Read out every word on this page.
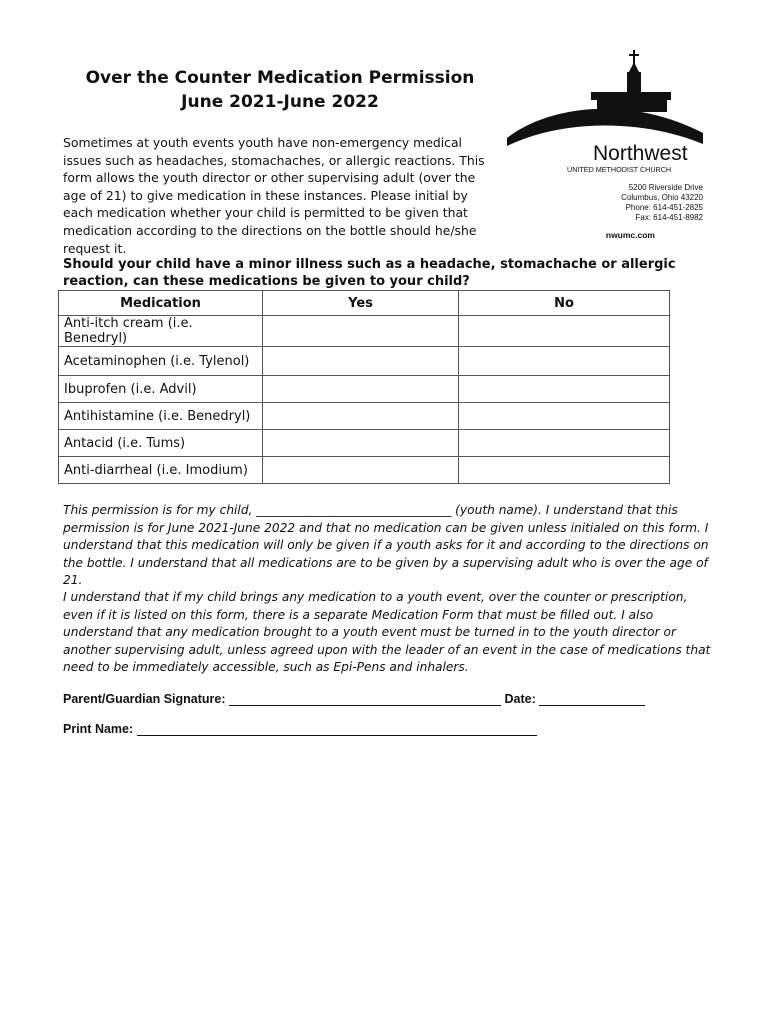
Over the Counter Medication Permission
June 2021-June 2022
Sometimes at youth events youth have non-emergency medical issues such as headaches, stomachaches, or allergic reactions. This form allows the youth director or other supervising adult (over the age of 21) to give medication in these instances. Please initial by each medication whether your child is permitted to be given that medication according to the directions on the bottle should he/she request it.
Northwest
UNITED METHODIST CHURCH
5200 Riverside Drive
Columbus, Ohio 43220
Phone: 614-451-2825
Fax: 614-451-8982
nwumc.com
Should your child have a minor illness such as a headache, stomachache or allergic reaction, can these medications be given to your child?
Medication	Yes	No
Anti-itch cream (i.e. Benedryl)		
Acetaminophen (i.e. Tylenol)		
Ibuprofen (i.e. Advil)		
Antihistamine (i.e. Benedryl)		
Antacid (i.e. Tums)		
Anti-diarrheal (i.e. Imodium)		
This permission is for my child, ________________________________ (youth name). I understand that this permission is for June 2021-June 2022 and that no medication can be given unless initialed on this form. I understand that this medication will only be given if a youth asks for it and according to the directions on the bottle. I understand that all medications are to be given by a supervising adult who is over the age of 21.
I understand that if my child brings any medication to a youth event, over the counter or prescription, even if it is listed on this form, there is a separate Medication Form that must be filled out. I also understand that any medication brought to a youth event must be turned in to the youth director or another supervising adult, unless agreed upon with the leader of an event in the case of medications that need to be immediately accessible, such as Epi-Pens and inhalers.
Parent/Guardian Signature:	Date:
Print Name:
